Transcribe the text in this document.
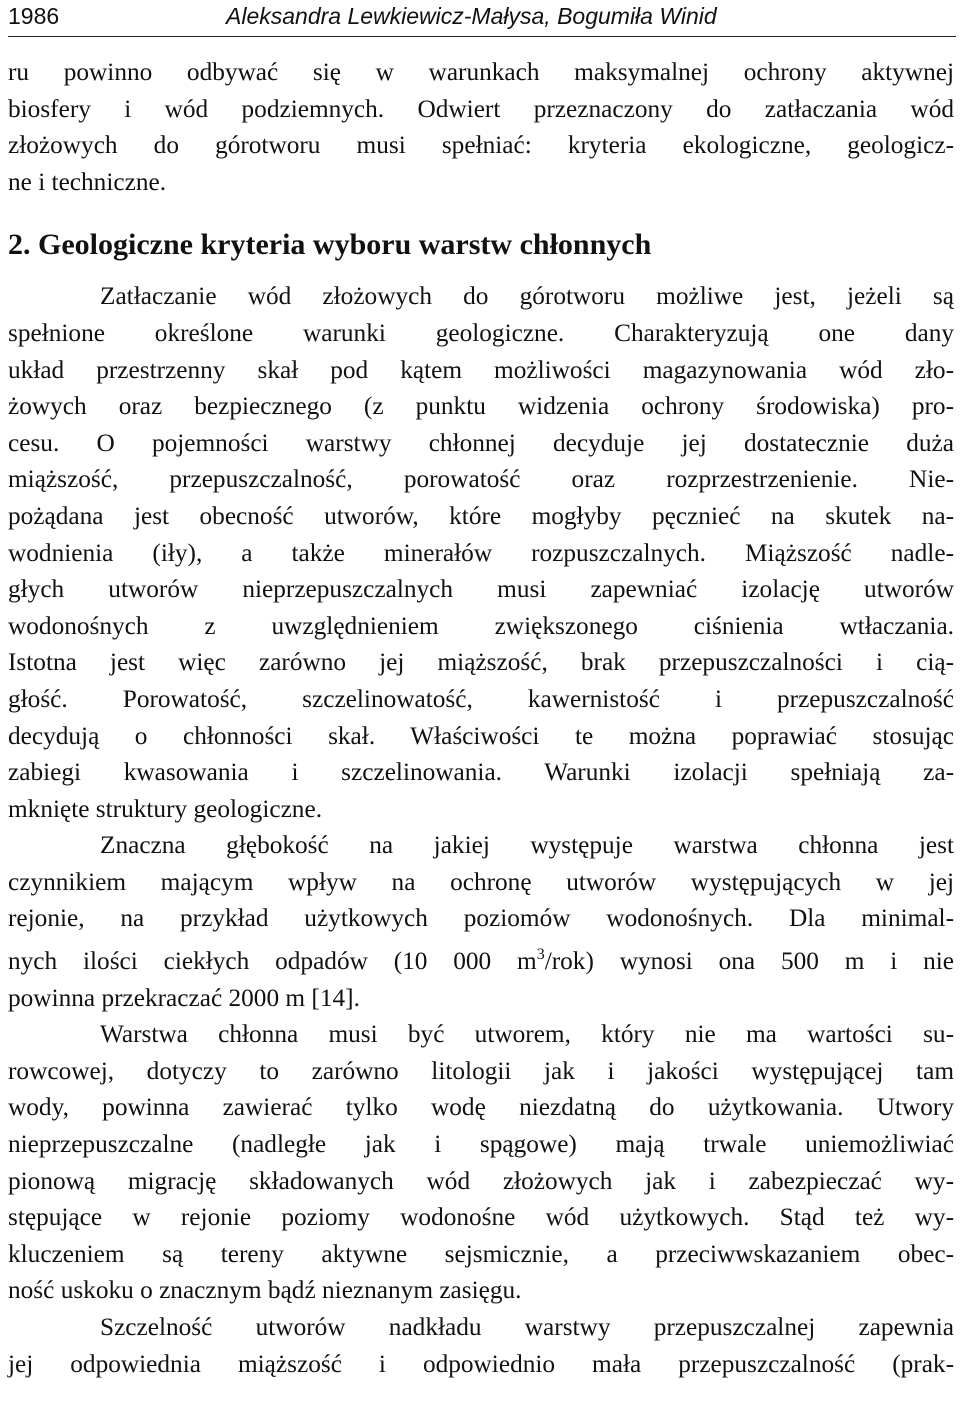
1986	Aleksandra Lewkiewicz-Małysa, Bogumiła Winid
ru powinno odbywać się w warunkach maksymalnej ochrony aktywnej
biosfery i wód podziemnych. Odwiert przeznaczony do zatłaczania wód
złożowych do górotworu musi spełniać: kryteria ekologiczne, geologicz-
ne i techniczne.
2. Geologiczne kryteria wyboru warstw chłonnych
Zatłaczanie wód złożowych do górotworu możliwe jest, jeżeli są
spełnione określone warunki geologiczne. Charakteryzują one dany
układ przestrzenny skał pod kątem możliwości magazynowania wód zło-
żowych oraz bezpiecznego (z punktu widzenia ochrony środowiska) pro-
cesu. O pojemności warstwy chłonnej decyduje jej dostatecznie duża
miąższość, przepuszczalność, porowatość oraz rozprzestrzenienie. Nie-
pożądana jest obecność utworów, które mogłyby pęcznieć na skutek na-
wodnienia (iły), a także minerałów rozpuszczalnych. Miąższość nadle-
głych utworów nieprzepuszczalnych musi zapewniać izolację utworów
wodonośnych z uwzględnieniem zwiększonego ciśnienia wtłaczania.
Istotna jest więc zarówno jej miąższość, brak przepuszczalności i cią-
głość. Porowatość, szczelinowatość, kawernistość i przepuszczalność
decydują o chłonności skał. Właściwości te można poprawiać stosując
zabiegi kwasowania i szczelinowania. Warunki izolacji spełniają za-
mknięte struktury geologiczne.
Znaczna głębokość na jakiej występuje warstwa chłonna jest
czynnikiem mającym wpływ na ochronę utworów występujących w jej
rejonie, na przykład użytkowych poziomów wodonośnych. Dla minimal-
nych ilości ciekłych odpadów (10 000 $m^3/rok$) wynosi ona 500 m i nie
powinna przekraczać 2000 m [14].
Warstwa chłonna musi być utworem, który nie ma wartości su-
rowcowej, dotyczy to zarówno litologii jak i jakości występującej tam
wody, powinna zawierać tylko wodę niezdatną do użytkowania. Utwory
nieprzepuszczalne (nadległe jak i spągowe) mają trwale uniemożliwiać
pionową migrację składowanych wód złożowych jak i zabezpieczać wy-
stępujące w rejonie poziomy wodonośne wód użytkowych. Stąd też wy-
kluczeniem są tereny aktywne sejsmicznie, a przeciwwskazaniem obec-
ność uskoku o znacznym bądź nieznanym zasięgu.
Szczelność utworów nadkładu warstwy przepuszczalnej zapewnia
jej odpowiednia miąższość i odpowiednio mała przepuszczalność (prak-
